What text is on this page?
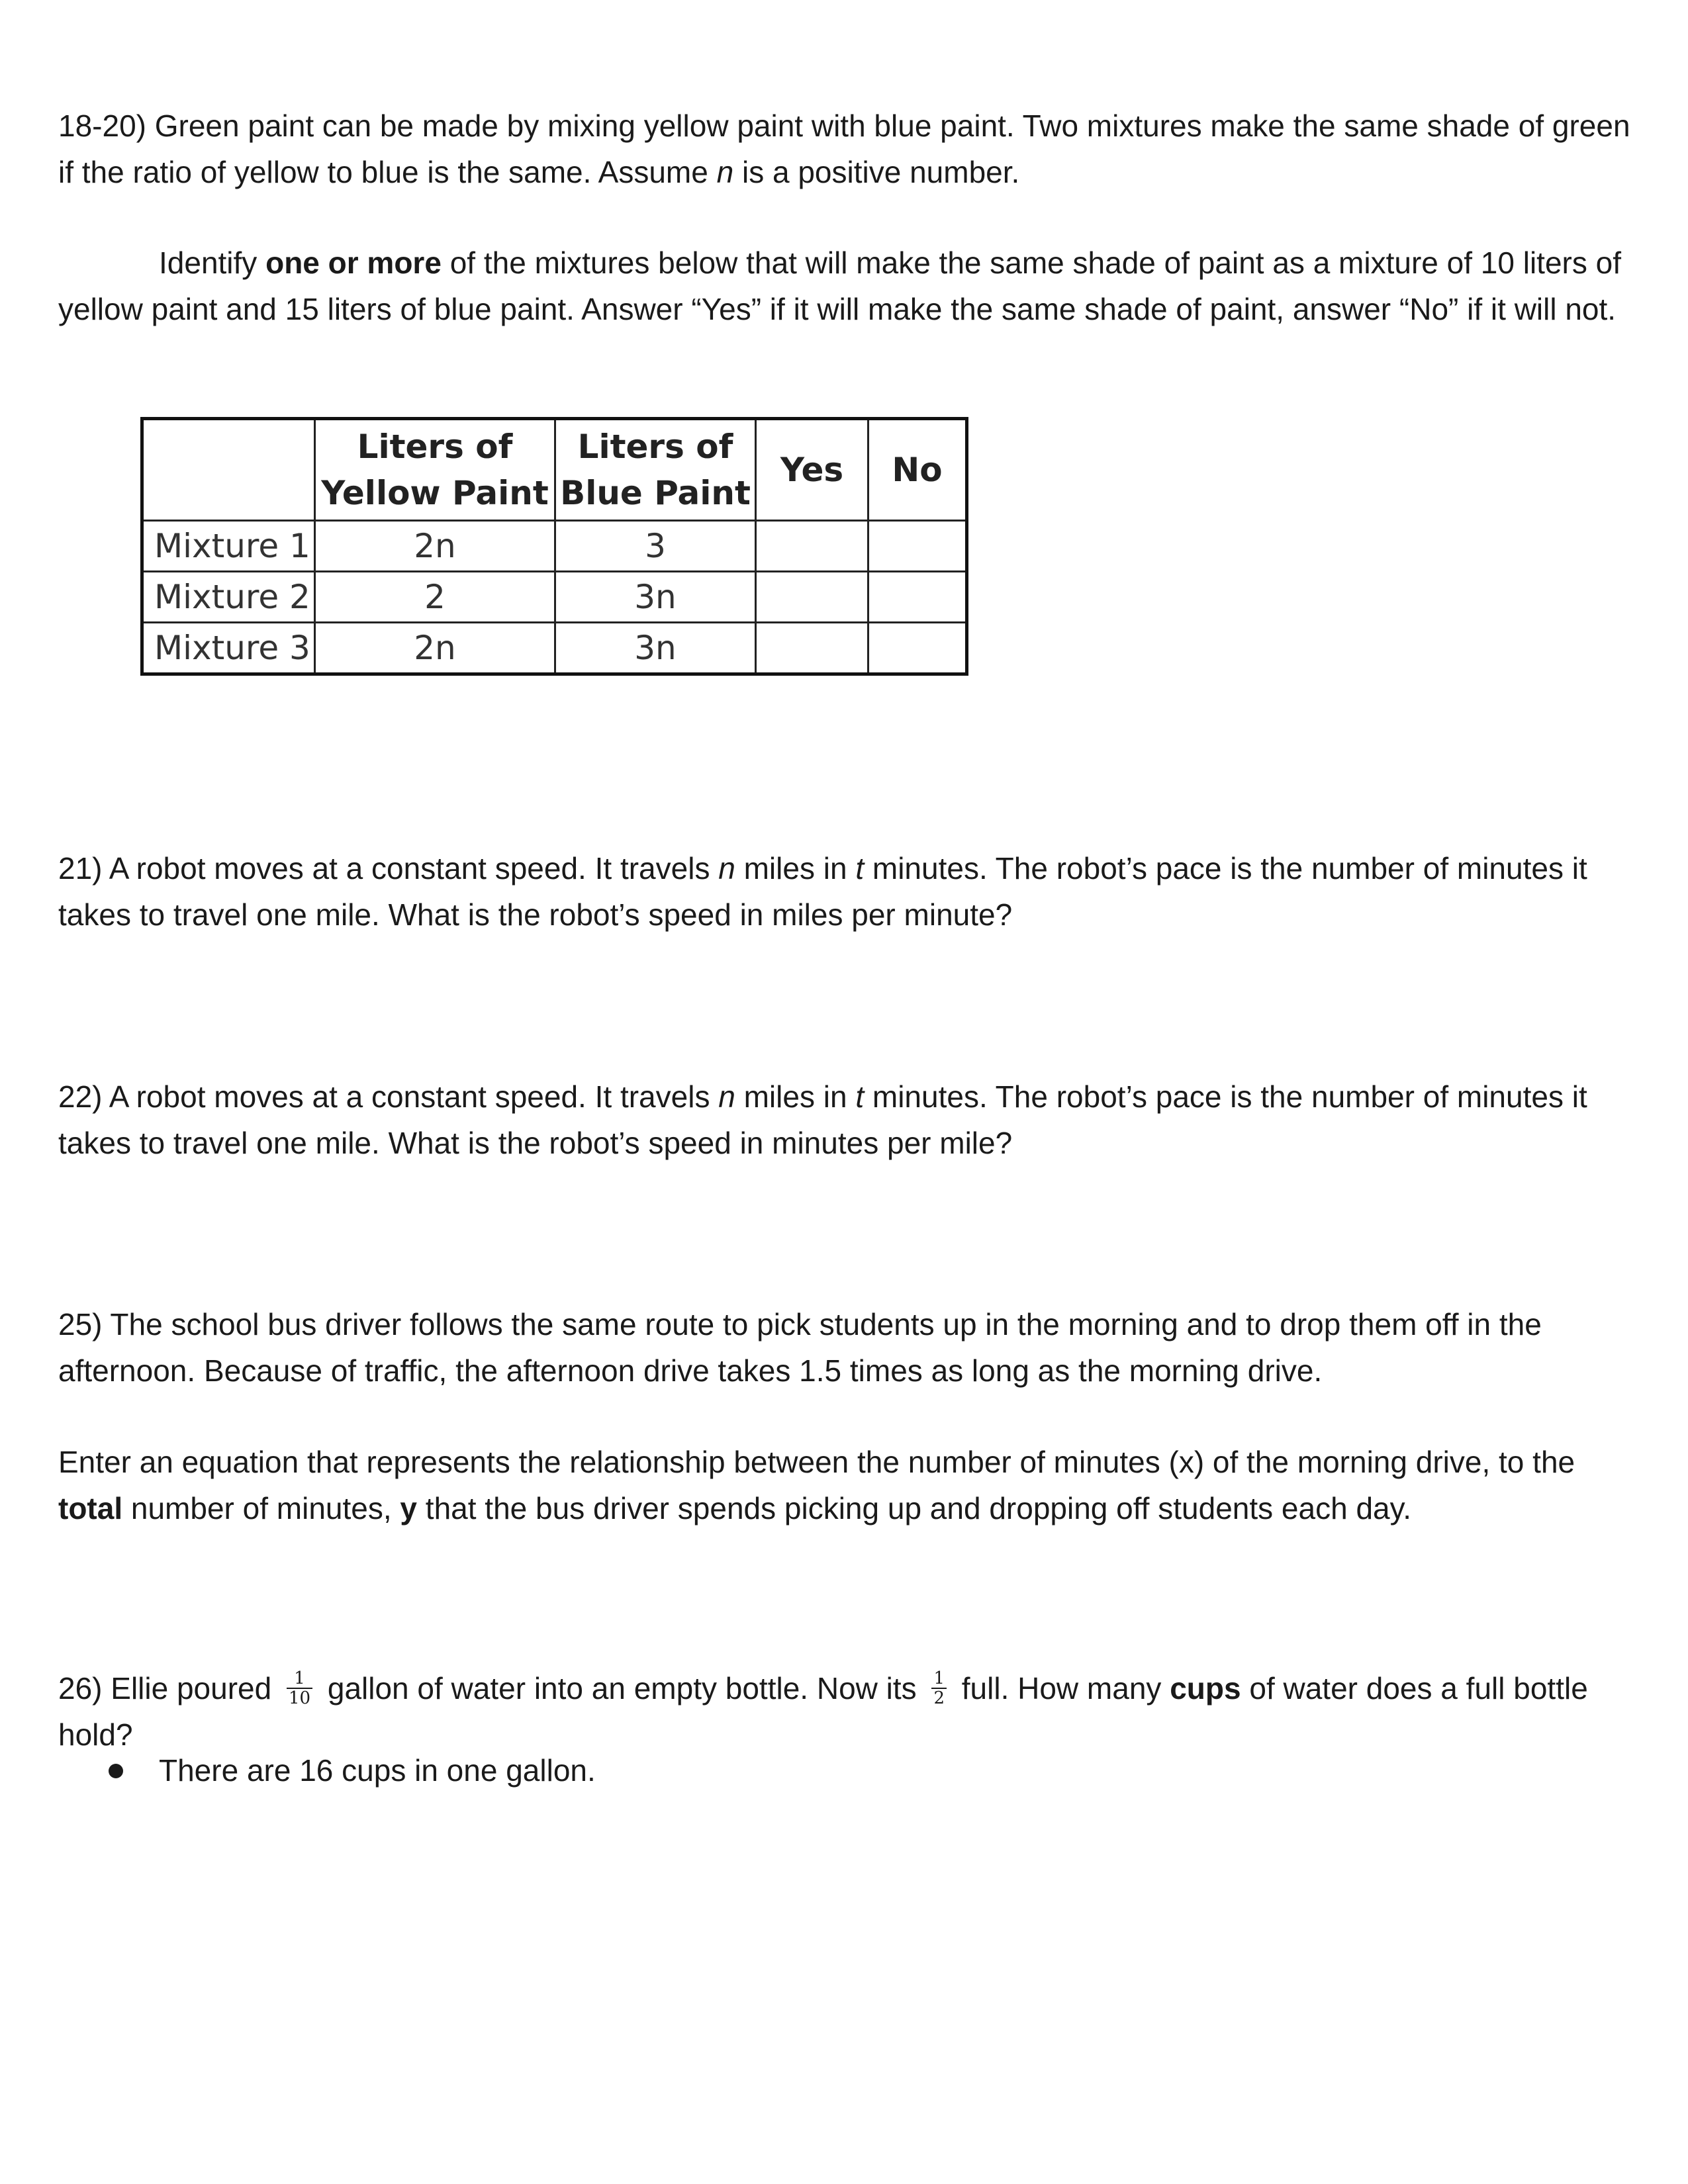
18-20) Green paint can be made by mixing yellow paint with blue paint. Two mixtures make the same shade of green if the ratio of yellow to blue is the same. Assume n is a positive number.

Identify one or more of the mixtures below that will make the same shade of paint as a mixture of 10 liters of yellow paint and 15 liters of blue paint. Answer “Yes” if it will make the same shade of paint, answer “No” if it will not.

	Liters of Yellow Paint	Liters of Blue Paint	Yes	No
Mixture 1	2n	3		
Mixture 2	2	3n		
Mixture 3	2n	3n		

21) A robot moves at a constant speed. It travels n miles in t minutes. The robot’s pace is the number of minutes it takes to travel one mile. What is the robot’s speed in miles per minute?

22) A robot moves at a constant speed. It travels n miles in t minutes. The robot’s pace is the number of minutes it takes to travel one mile. What is the robot’s speed in minutes per mile?

25) The school bus driver follows the same route to pick students up in the morning and to drop them off in the afternoon. Because of traffic, the afternoon drive takes 1.5 times as long as the morning drive.

Enter an equation that represents the relationship between the number of minutes (x) of the morning drive, to the total number of minutes, y that the bus driver spends picking up and dropping off students each day.

26) Ellie poured $\frac{1}{10}$ gallon of water into an empty bottle. Now its $\frac{1}{2}$ full. How many cups of water does a full bottle hold?

There are 16 cups in one gallon.
